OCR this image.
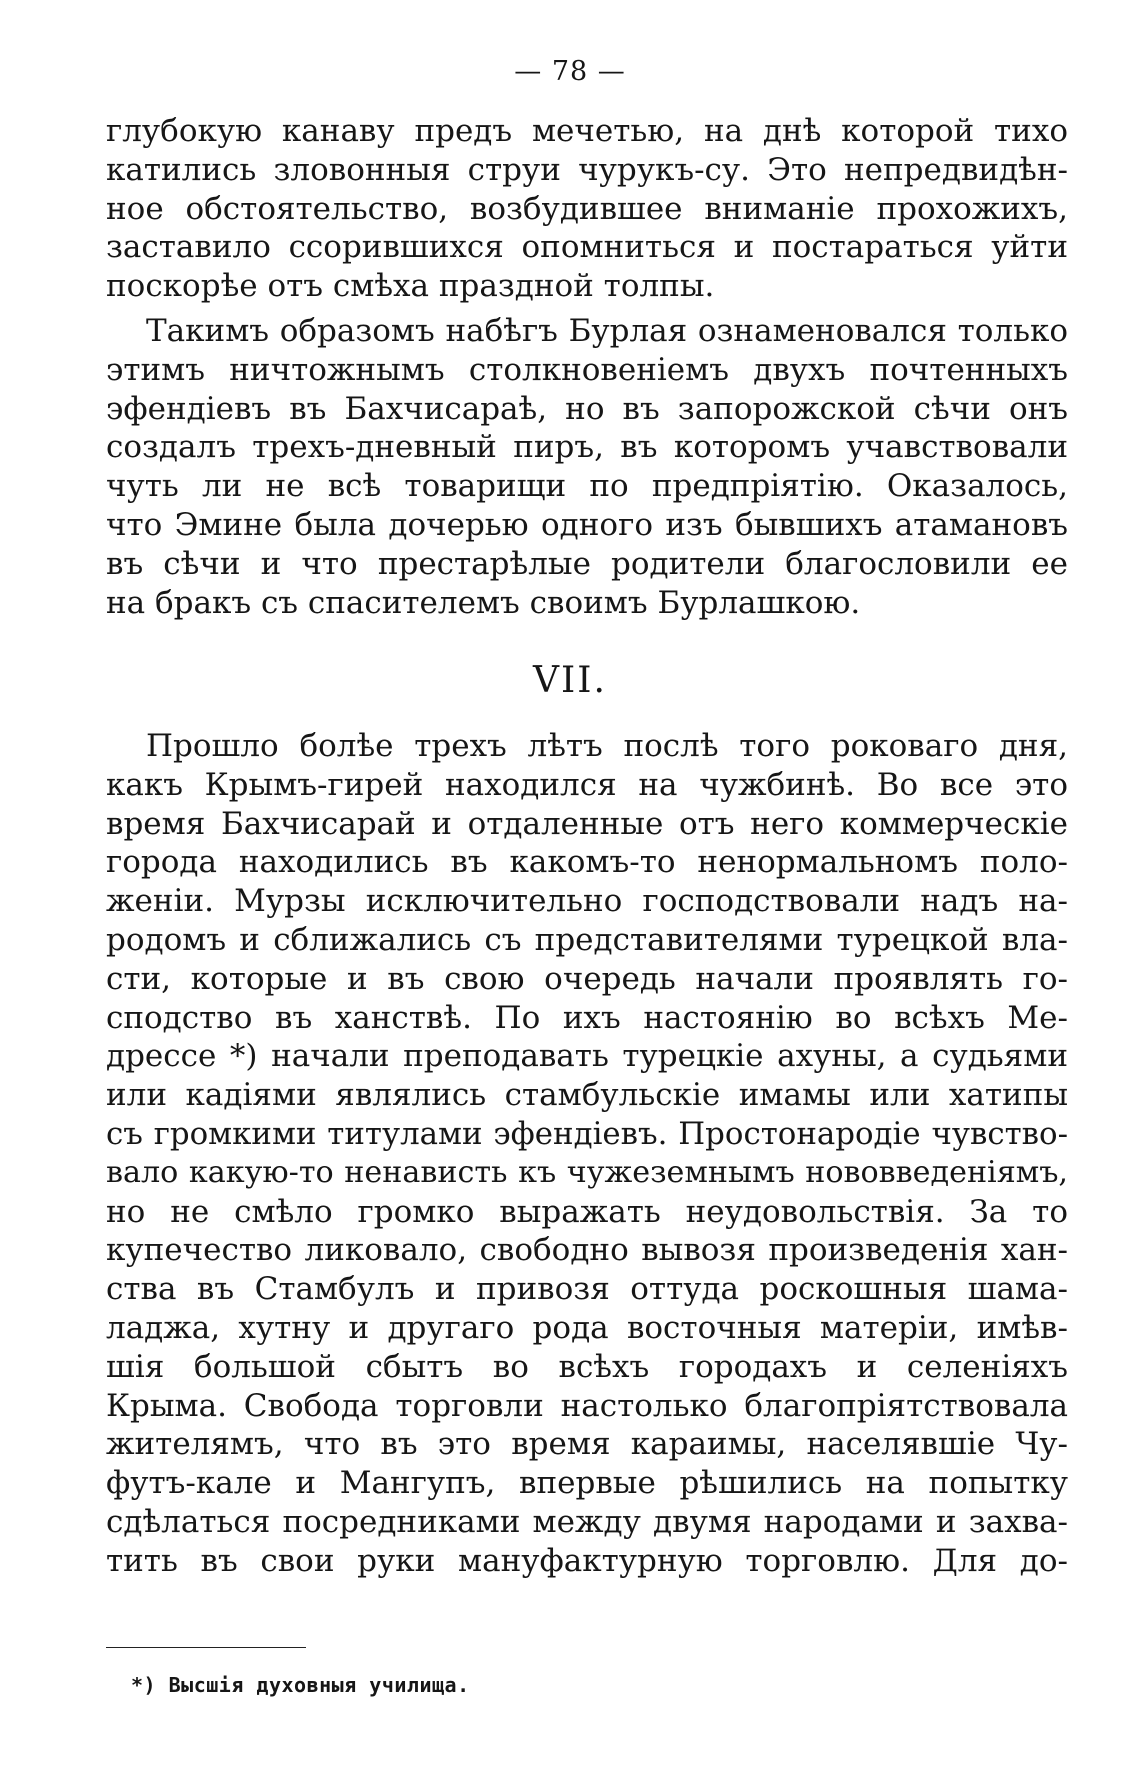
— 78 —
глубокую канаву предъ мечетью, на днѣ которой тихо
катились зловонныя струи чурукъ-су. Это непредвидѣн-
ное обстоятельство, возбудившее вниманіе прохожихъ,
заставило ссорившихся опомниться и постараться уйти
поскорѣе отъ смѣха праздной толпы.
Такимъ образомъ набѣгъ Бурлая ознаменовался только
этимъ ничтожнымъ столкновеніемъ двухъ почтенныхъ
эфендіевъ въ Бахчисараѣ, но въ запорожской сѣчи онъ
создалъ трехъ-дневный пиръ, въ которомъ учавствовали
чуть ли не всѣ товарищи по предпріятію. Оказалось,
что Эмине была дочерью одного изъ бывшихъ атамановъ
въ сѣчи и что престарѣлые родители благословили ее
на бракъ съ спасителемъ своимъ Бурлашкою.
VII.
Прошло болѣе трехъ лѣтъ послѣ того роковаго дня,
какъ Крымъ-гирей находился на чужбинѣ. Во все это
время Бахчисарай и отдаленные отъ него коммерческіе
города находились въ какомъ-то ненормальномъ поло-
женіи. Мурзы исключительно господствовали надъ на-
родомъ и сближались съ представителями турецкой вла-
сти, которые и въ свою очередь начали проявлять го-
сподство въ ханствѣ. По ихъ настоянію во всѣхъ Ме-
дрессе *) начали преподавать турецкіе ахуны, а судьями
или кадіями являлись стамбульскіе имамы или хатипы
съ громкими титулами эфендіевъ. Простонародіе чувство-
вало какую-то ненависть къ чужеземнымъ нововведеніямъ,
но не смѣло громко выражать неудовольствія. За то
купечество ликовало, свободно вывозя произведенія хан-
ства въ Стамбулъ и привозя оттуда роскошныя шама-
ладжа, хутну и другаго рода восточныя матеріи, имѣв-
шія большой сбытъ во всѣхъ городахъ и селеніяхъ
Крыма. Свобода торговли настолько благопріятствовала
жителямъ, что въ это время караимы, населявшіе Чу-
футъ-кале и Мангупъ, впервые рѣшились на попытку
сдѣлаться посредниками между двумя народами и захва-
тить въ свои руки мануфактурную торговлю. Для до-
*) Высшія духовныя училища.
